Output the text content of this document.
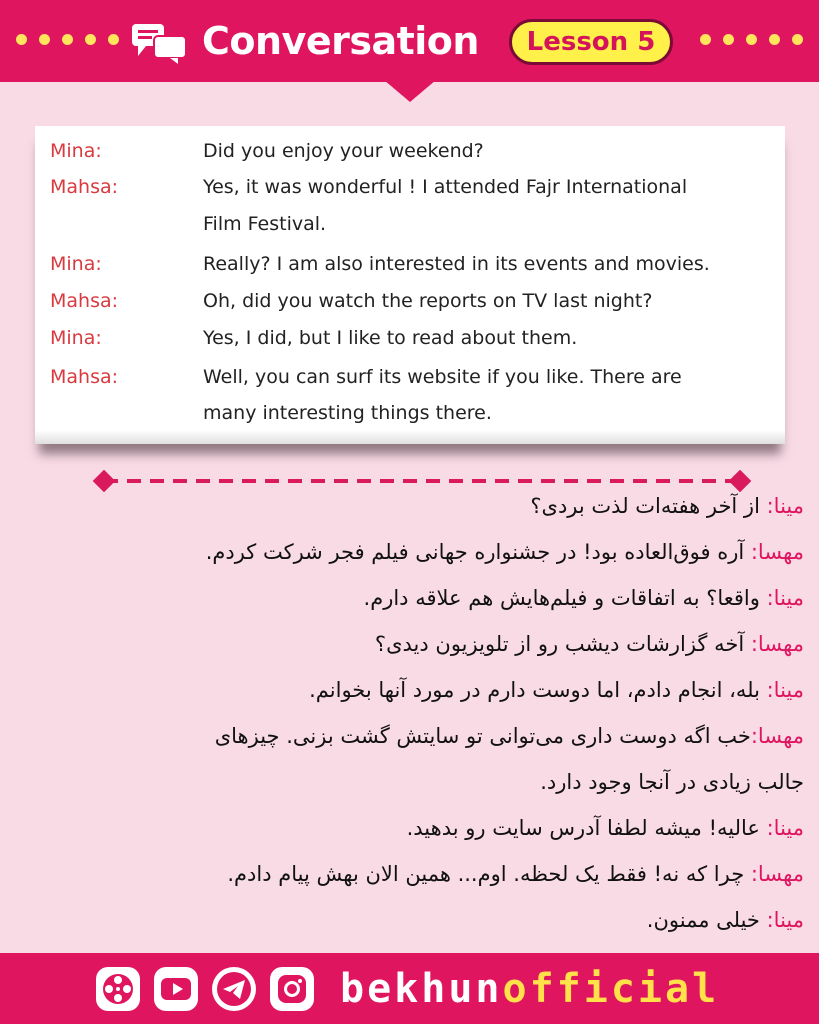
Conversation	Lesson 5
Mina:	Did you enjoy your weekend?
Mahsa:	Yes, it was wonderful ! I attended Fajr International
Film Festival.
Mina:	Really? I am also interested in its events and movies.
Mahsa:	Oh, did you watch the reports on TV last night?
Mina:	Yes, I did, but I like to read about them.
Mahsa:	Well, you can surf its website if you like. There are
many interesting things there.
مینا: از آخر هفته‌ات لذت بردی؟
مهسا: آره فوق‌العاده بود! در جشنواره جهانی فیلم فجر شرکت کردم.
مینا: واقعا؟ به اتفاقات و فیلم‌هایش هم علاقه دارم.
مهسا: آخه گزارشات دیشب رو از تلویزیون دیدی؟
مینا: بله، انجام دادم، اما دوست دارم در مورد آنها بخوانم.
مهسا:خب اگه دوست داری می‌توانی تو سایتش گشت بزنی. چیزهای
جالب زیادی در آنجا وجود دارد.
مینا: عالیه! میشه لطفا آدرس سایت رو بدهید.
مهسا: چرا که نه! فقط یک لحظه. اوم... همین الان بهش پیام دادم.
مینا: خیلی ممنون.
bekhunofficial
